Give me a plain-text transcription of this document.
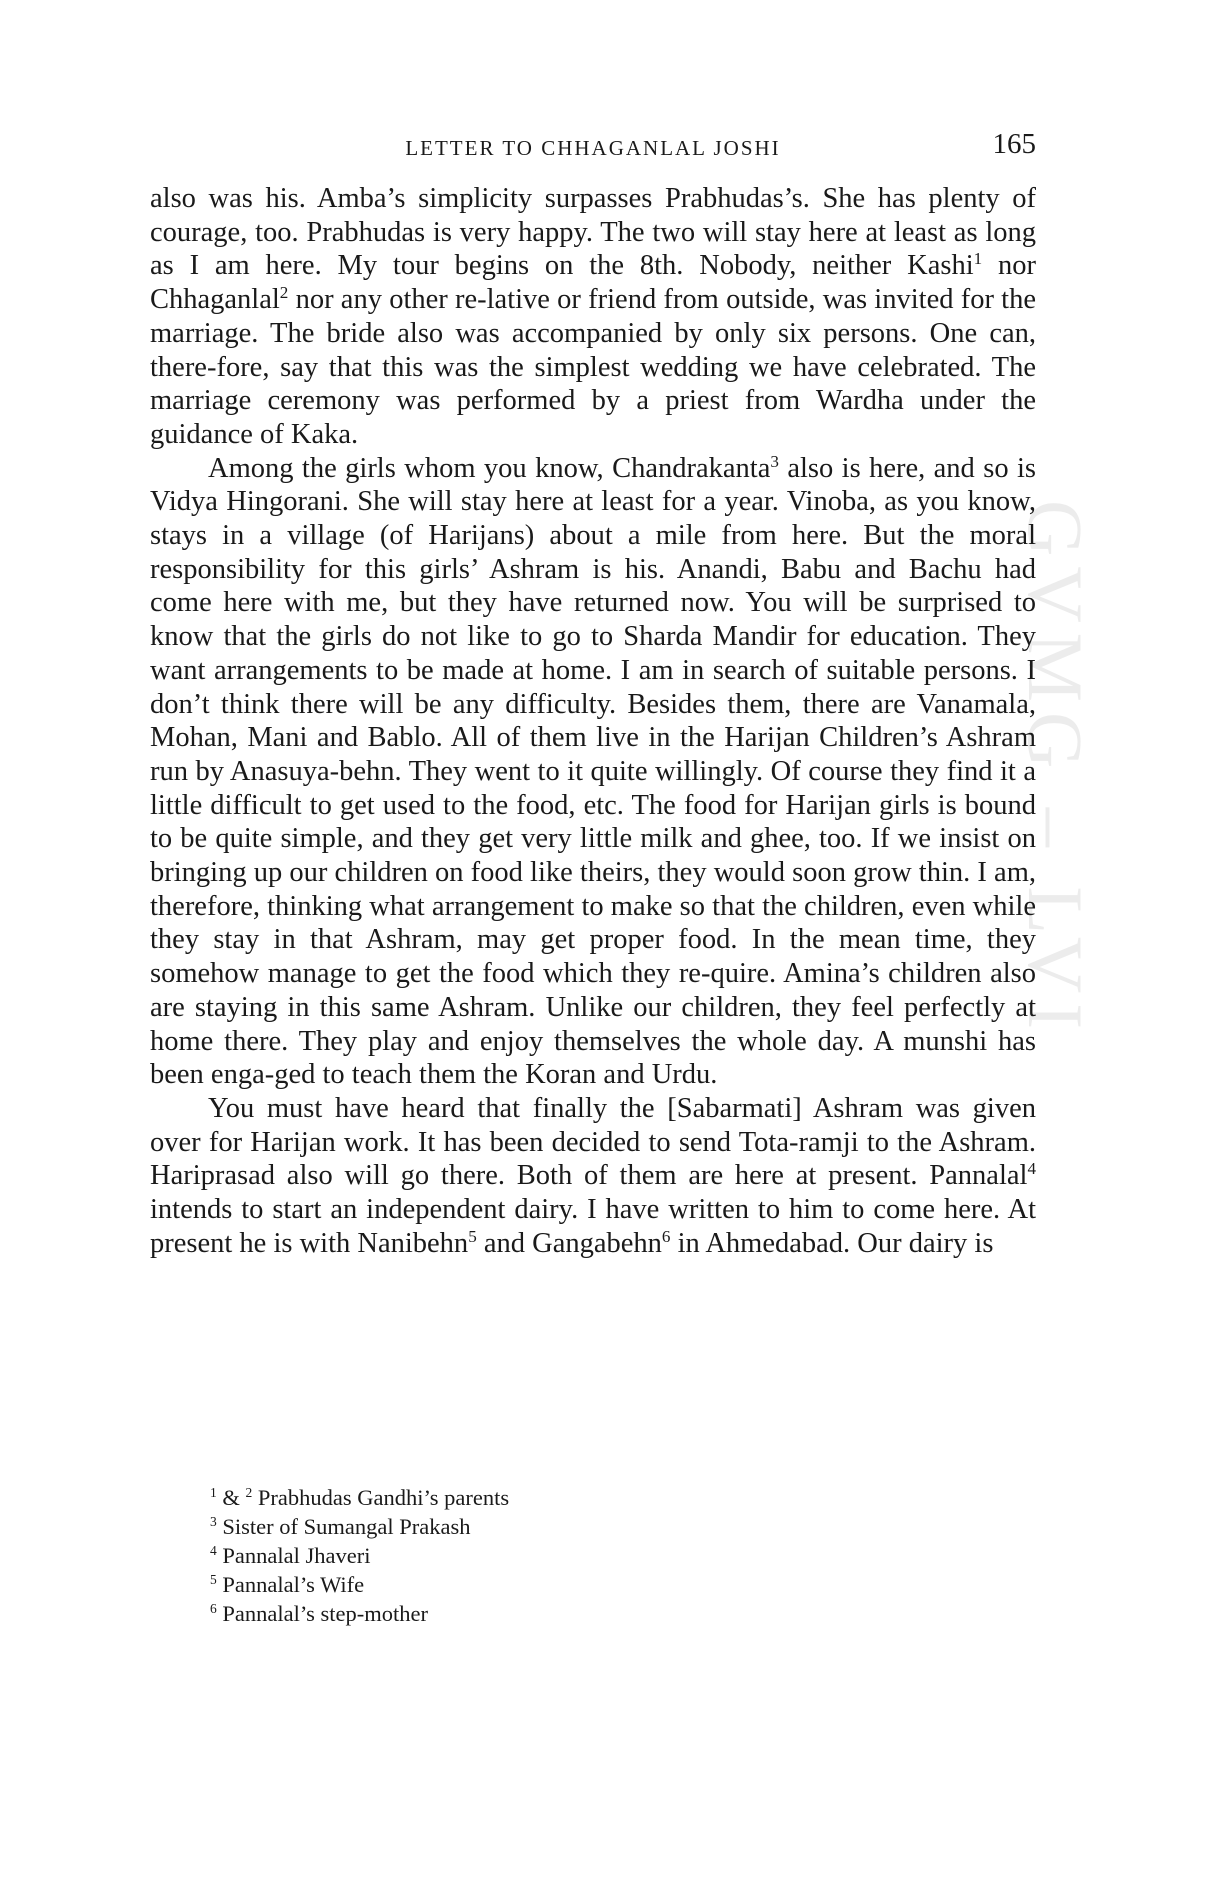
LETTER TO CHHAGANLAL JOSHI	165
GVMG – LVI

also was his. Amba’s simplicity surpasses Prabhudas’s. She has plenty of courage, too. Prabhudas is very happy. The two will stay here at least as long as I am here. My tour begins on the 8th. Nobody, neither Kashi$^1$ nor Chhaganlal$^2$ nor any other re-lative or friend from outside, was invited for the marriage. The bride also was accompanied by only six persons. One can, there-fore, say that this was the simplest wedding we have celebrated. The marriage ceremony was performed by a priest from Wardha under the guidance of Kaka.

Among the girls whom you know, Chandrakanta$^3$ also is here, and so is Vidya Hingorani. She will stay here at least for a year. Vinoba, as you know, stays in a village (of Harijans) about a mile from here. But the moral responsibility for this girls’ Ashram is his. Anandi, Babu and Bachu had come here with me, but they have returned now. You will be surprised to know that the girls do not like to go to Sharda Mandir for education. They want arrangements to be made at home. I am in search of suitable persons. I don’t think there will be any difficulty. Besides them, there are Vanamala, Mohan, Mani and Bablo. All of them live in the Harijan Children’s Ashram run by Anasuya-behn. They went to it quite willingly. Of course they find it a little difficult to get used to the food, etc. The food for Harijan girls is bound to be quite simple, and they get very little milk and ghee, too. If we insist on bringing up our children on food like theirs, they would soon grow thin. I am, therefore, thinking what arrangement to make so that the children, even while they stay in that Ashram, may get proper food. In the mean time, they somehow manage to get the food which they re-quire. Amina’s children also are staying in this same Ashram. Unlike our children, they feel perfectly at home there. They play and enjoy themselves the whole day. A munshi has been enga-ged to teach them the Koran and Urdu.

You must have heard that finally the [Sabarmati] Ashram was given over for Harijan work. It has been decided to send Tota-ramji to the Ashram. Hariprasad also will go there. Both of them are here at present. Pannalal$^4$ intends to start an independent dairy. I have written to him to come here. At present he is with Nanibehn$^5$ and Gangabehn$^6$ in Ahmedabad. Our dairy is

$^1$ & $^2$ Prabhudas Gandhi’s parents

$^3$ Sister of Sumangal Prakash

$^4$ Pannalal Jhaveri

$^5$ Pannalal’s Wife

$^6$ Pannalal’s step-mother
